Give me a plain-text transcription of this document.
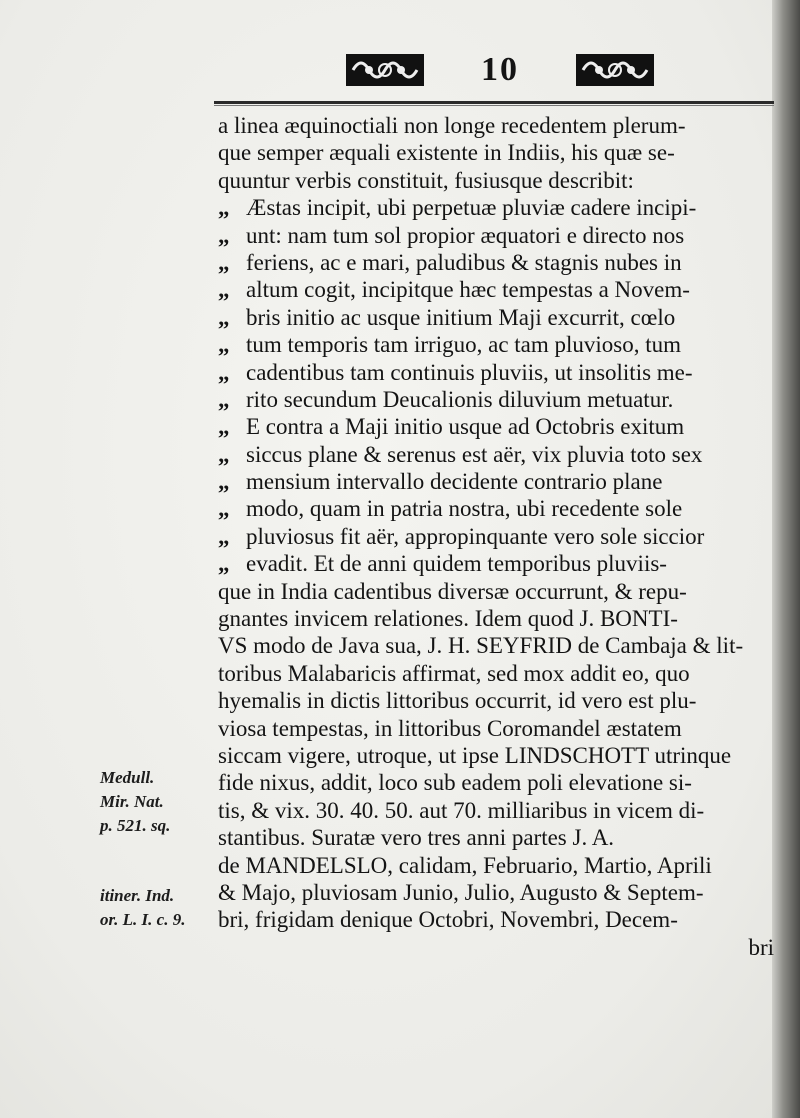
10
a linea æquinoctiali non longe recedentem plerum-
que semper æquali existente in Indiis, his quæ se-
quuntur verbis constituit, fusiusque describit:
„ Æstas incipit, ubi perpetuæ pluviæ cadere incipi-
„ unt: nam tum sol propior æquatori e directo nos
„ feriens, ac e mari, paludibus & stagnis nubes in
„ altum cogit, incipitque hæc tempestas a Novem-
„ bris initio ac usque initium Maji excurrit, cœlo
„ tum temporis tam irriguo, ac tam pluvioso, tum
„ cadentibus tam continuis pluviis, ut insolitis me-
„ rito secundum Deucalionis diluvium metuatur.
„ E contra a Maji initio usque ad Octobris exitum
„ siccus plane & serenus est aër, vix pluvia toto sex
„ mensium intervallo decidente contrario plane
„ modo, quam in patria nostra, ubi recedente sole
„ pluviosus fit aër, appropinquante vero sole siccior
„ evadit. Et de anni quidem temporibus pluviis-
que in India cadentibus diversæ occurrunt, & repu-
gnantes invicem relationes. Idem quod J. BONTI-
VS modo de Java sua, J. H. SEYFRID de Cambaja & lit-
toribus Malabaricis affirmat, sed mox addit eo, quo
hyemalis in dictis littoribus occurrit, id vero est plu-
viosa tempestas, in littoribus Coromandel æstatem
siccam vigere, utroque, ut ipse LINDSCHOTT utrinque
fide nixus, addit, loco sub eadem poli elevatione si-
tis, & vix. 30. 40. 50. aut 70. milliaribus in vicem di-
stantibus. Suratæ vero tres anni partes J. A.
de MANDELSLO, calidam, Februario, Martio, Aprili
& Majo, pluviosam Junio, Julio, Augusto & Septem-
bri, frigidam denique Octobri, Novembri, Decem-
bri
Medull.
Mir. Nat.
p. 521. sq.
itiner. Ind.
or. L. I. c. 9.
